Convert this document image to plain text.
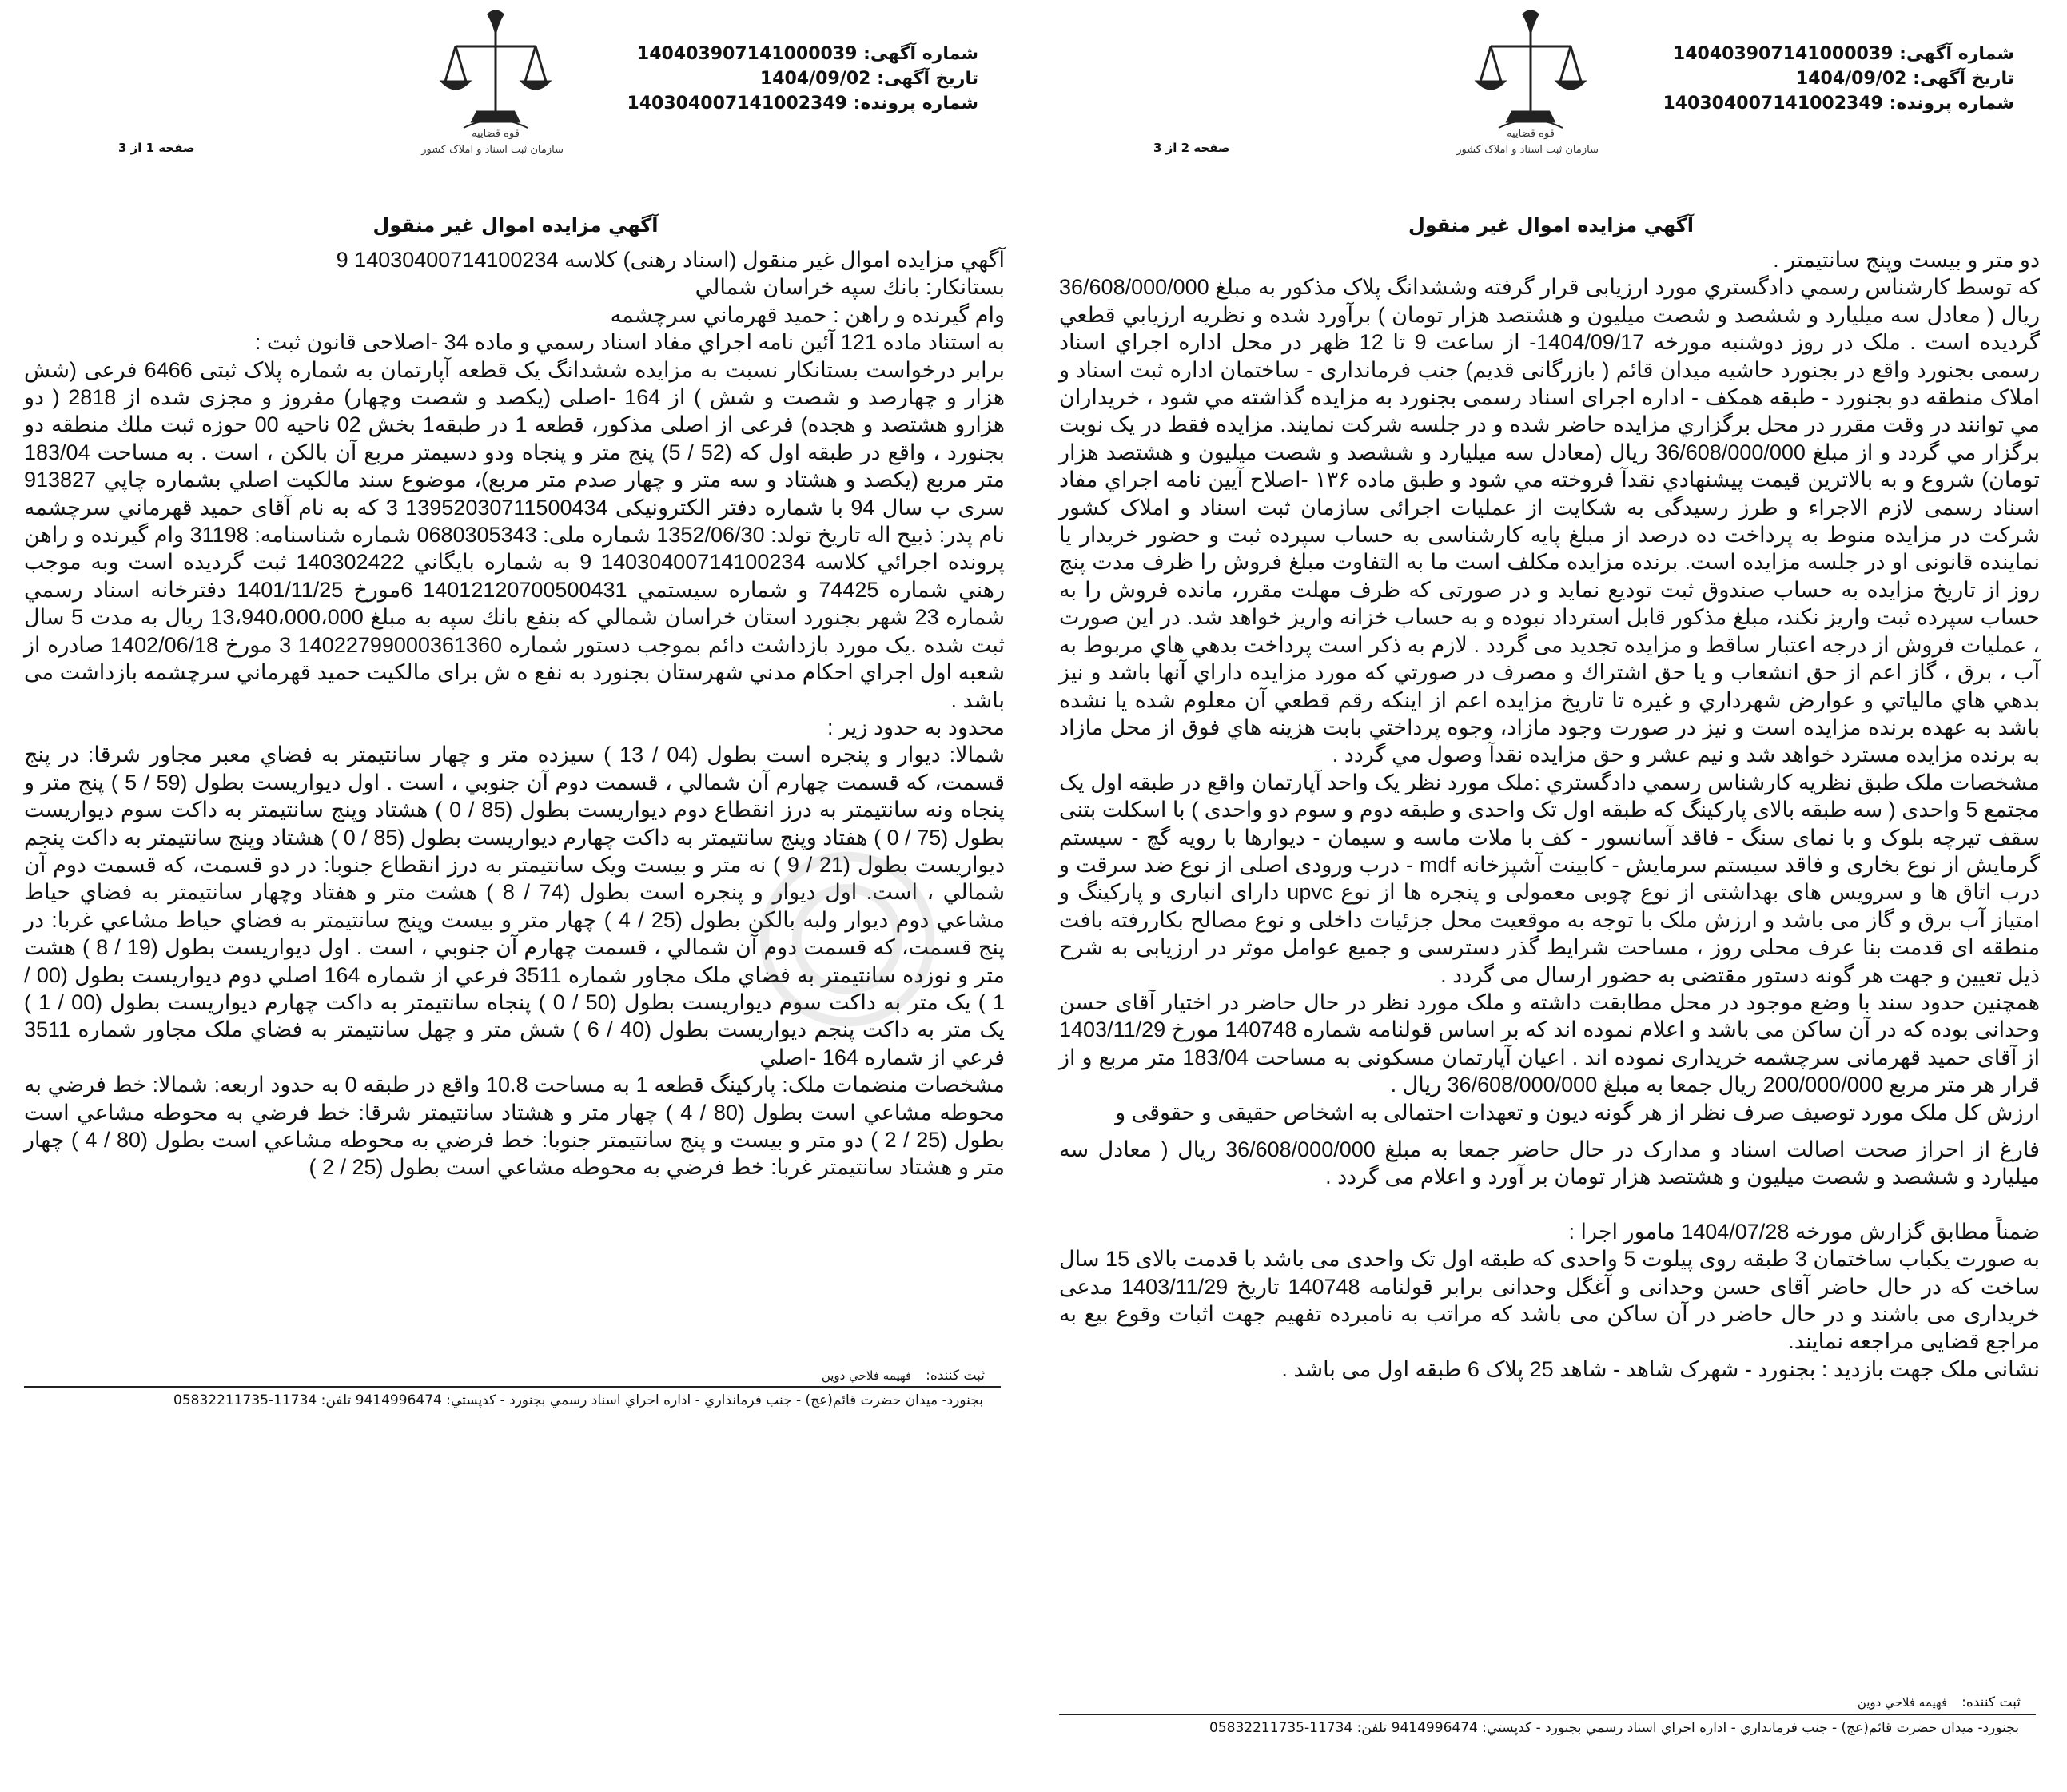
قوه قضاییه
سازمان ثبت اسناد و املاک کشور
شماره آگهی: 140403907141000039
تاریخ آگهی: 1404/09/02
شماره پرونده: 140304007141002349
صفحه 1 از 3
آگهي مزايده اموال غير منقول

آگهي مزايده اموال غير منقول (اسناد رهنی) کلاسه 14030400714100234 9

بستانکار: بانك سپه خراسان شمالي

وام گيرنده و راهن : حميد قهرماني سرچشمه

به استناد ماده 121 آئين نامه اجراي مفاد اسناد رسمي و ماده 34 -اصلاحی قانون ثبت :

برابر درخواست بستانکار نسبت به مزايده ششدانگ يک قطعه آپارتمان به شماره پلاک ثبتی 6466 فرعی (شش هزار و چهارصد و شصت و شش ) از 164 -اصلی (يکصد و شصت وچهار) مفروز و مجزی شده از 2818 ( دو هزارو هشتصد و هجده) فرعی از اصلی مذکور، قطعه 1 در طبقه1 بخش 02 ناحيه 00 حوزه ثبت ملك منطقه دو بجنورد ، واقع در طبقه اول که (52 / 5) پنج متر و پنجاه ودو دسيمتر مربع آن بالکن ، است . به مساحت 183/04 متر مربع (يکصد و هشتاد و سه متر و چهار صدم متر مربع)، موضوع سند مالکيت اصلي بشماره چاپي 913827 سری ب سال 94 با شماره دفتر الکترونيکی 13952030711500434 3 که به نام آقای حميد قهرماني سرچشمه نام پدر: ذبيح اله تاريخ تولد: 1352/06/30 شماره ملی: 0680305343 شماره شناسنامه: 31198 وام گيرنده و راهن پرونده اجرائي كلاسه 14030400714100234 9 به شماره بايگاني 140302422 ثبت گرديده است وبه موجب رهني شماره 74425 و شماره سيستمي 14012120700500431 6مورخ 1401/11/25 دفترخانه اسناد رسمي شماره 23 شهر بجنورد استان خراسان شمالي كه بنفع بانك سپه به مبلغ 13،940،000،000 ريال به مدت 5 سال ثبت شده .يک مورد بازداشت دائم بموجب دستور شماره 14022799000361360 3 مورخ 1402/06/18 صادره از شعبه اول اجراي احکام مدني شهرستان بجنورد به نفع ه ش برای مالکيت حميد قهرماني سرچشمه بازداشت می باشد .

محدود به حدود زير :

شمالا: ديوار و پنجره است بطول (04 / 13 ) سيزده متر و چهار سانتيمتر به فضاي معبر مجاور شرقا: در پنج قسمت، که قسمت چهارم آن شمالي ، قسمت دوم آن جنوبي ، است . اول ديواريست بطول (59 / 5 ) پنج متر و پنجاه ونه سانتيمتر به درز انقطاع دوم ديواريست بطول (85 / 0 ) هشتاد وپنج سانتيمتر به داکت سوم ديواريست بطول (75 / 0 ) هفتاد وپنج سانتيمتر به داکت چهارم ديواريست بطول (85 / 0 ) هشتاد وپنج سانتيمتر به داکت پنجم ديواريست بطول (21 / 9 ) نه متر و بيست ويک سانتيمتر به درز انقطاع جنوبا: در دو قسمت، که قسمت دوم آن شمالي ، است. اول ديوار و پنجره است بطول (74 / 8 ) هشت متر و هفتاد وچهار سانتيمتر به فضاي حياط مشاعي دوم ديوار ولبه بالکن بطول (25 / 4 ) چهار متر و بيست وپنج سانتيمتر به فضاي حياط مشاعي غربا: در پنج قسمت، که قسمت دوم آن شمالي ، قسمت چهارم آن جنوبي ، است . اول ديواريست بطول (19 / 8 ) هشت متر و نوزده سانتيمتر به فضاي ملک مجاور شماره 3511 فرعي از شماره 164 اصلي دوم ديواريست بطول (00 / 1 ) يک متر به داکت سوم ديواريست بطول (50 / 0 ) پنجاه سانتيمتر به داکت چهارم ديواريست بطول (00 / 1 ) يک متر به داکت پنجم ديواريست بطول (40 / 6 ) شش متر و چهل سانتيمتر به فضاي ملک مجاور شماره 3511 فرعي از شماره 164 -اصلي

مشخصات منضمات ملک: پارکينگ قطعه 1 به مساحت 10.8 واقع در طبقه 0 به حدود اربعه: شمالا: خط فرضي به محوطه مشاعي است بطول (80 / 4 ) چهار متر و هشتاد سانتيمتر شرقا: خط فرضي به محوطه مشاعي است بطول (25 / 2 ) دو متر و بيست و پنج سانتيمتر جنوبا: خط فرضي به محوطه مشاعي است بطول (80 / 4 ) چهار متر و هشتاد سانتيمتر غربا: خط فرضي به محوطه مشاعي است بطول (25 / 2 )

ثبت کننده:فهيمه فلاحي دوين
بجنورد- ميدان حضرت قائم(عج) - جنب فرمانداري - اداره اجراي اسناد رسمي بجنورد - کدپستي: 9414996474 تلفن: 11734-05832211735
قوه قضاییه
سازمان ثبت اسناد و املاک کشور
شماره آگهی: 140403907141000039
تاریخ آگهی: 1404/09/02
شماره پرونده: 140304007141002349
صفحه 2 از 3
آگهي مزايده اموال غير منقول

دو متر و بيست وپنج سانتيمتر .

كه توسط كارشناس رسمي دادگستري مورد ارزيابی قرار گرفته وششدانگ پلاک مذكور به مبلغ 36/608/000/000 ريال ( معادل سه ميليارد و ششصد و شصت ميليون و هشتصد هزار تومان ) برآورد شده و نظريه ارزيابي قطعي گرديده است . ملک در روز دوشنبه مورخه 1404/09/17- از ساعت 9 تا 12 ظهر در محل اداره اجراي اسناد رسمی بجنورد واقع در بجنورد حاشيه ميدان قائم ( بازرگانی قديم) جنب فرمانداری - ساختمان اداره ثبت اسناد و املاک منطقه دو بجنورد - طبقه همکف - اداره اجرای اسناد رسمی بجنورد به مزايده گذاشته مي شود ، خريداران مي توانند در وقت مقرر در محل برگزاري مزايده حاضر شده و در جلسه شرکت نمايند. مزايده فقط در يک نوبت برگزار مي گردد و از مبلغ 36/608/000/000 ريال (معادل سه ميليارد و ششصد و شصت ميليون و هشتصد هزار تومان) شروع و به بالاترين قيمت پيشنهادي نقدآ فروخته مي شود و طبق ماده ١٣۶ -اصلاح آيين نامه اجراي مفاد اسناد رسمی لازم الاجراء و طرز رسيدگی به شکايت از عمليات اجرائی سازمان ثبت اسناد و املاک کشور شرکت در مزايده منوط به پرداخت ده درصد از مبلغ پايه کارشناسی به حساب سپرده ثبت و حضور خريدار يا نماينده قانونی او در جلسه مزايده است. برنده مزايده مکلف است ما به التفاوت مبلغ فروش را ظرف مدت پنج روز از تاريخ مزايده به حساب صندوق ثبت توديع نمايد و در صورتی که ظرف مهلت مقرر، مانده فروش را به حساب سپرده ثبت واريز نکند، مبلغ مذکور قابل استرداد نبوده و به حساب خزانه واريز خواهد شد. در اين صورت ، عمليات فروش از درجه اعتبار ساقط و مزايده تجديد می گردد . لازم به ذکر است پرداخت بدهي هاي مربوط به آب ، برق ، گاز اعم از حق انشعاب و يا حق اشتراك و مصرف در صورتي كه مورد مزايده داراي آنها باشد و نيز بدهي هاي مالياتي و عوارض شهرداري و غيره تا تاريخ مزايده اعم از اينكه رقم قطعي آن معلوم شده يا نشده باشد به عهده برنده مزايده است و نيز در صورت وجود مازاد، وجوه پرداختي بابت هزينه هاي فوق از محل مازاد به برنده مزايده مسترد خواهد شد و نيم عشر و حق مزايده نقدآ وصول مي گردد .

مشخصات ملک طبق نظريه کارشناس رسمي دادگستري :ملک مورد نظر يک واحد آپارتمان واقع در طبقه اول يک مجتمع 5 واحدی ( سه طبقه بالای پارکينگ که طبقه اول تک واحدی و طبقه دوم و سوم دو واحدی ) با اسکلت بتنی سقف تيرچه بلوک و با نمای سنگ - فاقد آسانسور - کف با ملات ماسه و سيمان - ديوارها با رويه گچ - سيستم گرمايش از نوع بخاری و فاقد سيستم سرمايش - کابينت آشپزخانه mdf - درب ورودی اصلی از نوع ضد سرقت و درب اتاق ها و سرويس های بهداشتی از نوع چوبی معمولی و پنجره ها از نوع upvc دارای انباری و پارکينگ و امتياز آب برق و گاز می باشد و ارزش ملک با توجه به موقعيت محل جزئيات داخلی و نوع مصالح بکاررفته بافت منطقه ای قدمت بنا عرف محلی روز ، مساحت شرايط گذر دسترسی و جميع عوامل موثر در ارزيابی به شرح ذيل تعيين و جهت هر گونه دستور مقتضی به حضور ارسال می گردد .

همچنين حدود سند با وضع موجود در محل مطابقت داشته و ملک مورد نظر در حال حاضر در اختيار آقای حسن وحدانی بوده که در آن ساکن می باشد و اعلام نموده اند که بر اساس قولنامه شماره 140748 مورخ 1403/11/29 از آقای حميد قهرمانی سرچشمه خريداری نموده اند . اعيان آپارتمان مسکونی به مساحت 183/04 متر مربع و از قرار هر متر مربع 200/000/000 ريال جمعا به مبلغ 36/608/000/000 ريال .

ارزش کل ملک مورد توصيف صرف نظر از هر گونه ديون و تعهدات احتمالی به اشخاص حقيقی و حقوقی و

فارغ از احراز صحت اصالت اسناد و مدارک در حال حاضر جمعا به مبلغ 36/608/000/000 ريال ( معادل سه ميليارد و ششصد و شصت ميليون و هشتصد هزار تومان بر آورد و اعلام می گردد .

ضمناً مطابق گزارش مورخه 1404/07/28 مامور اجرا :

به صورت يکباب ساختمان 3 طبقه روی پيلوت 5 واحدی که طبقه اول تک واحدی می باشد با قدمت بالای 15 سال ساخت که در حال حاضر آقای حسن وحدانی و آغگل وحدانی برابر قولنامه 140748 تاريخ 1403/11/29 مدعی خريداری می باشند و در حال حاضر در آن ساکن می باشد که مراتب به نامبرده تفهيم جهت اثبات وقوع بيع به مراجع قضايی مراجعه نمايند.

نشانی ملک جهت بازديد : بجنورد - شهرک شاهد - شاهد 25 پلاک 6 طبقه اول می باشد .

ثبت کننده:فهيمه فلاحي دوين
بجنورد- ميدان حضرت قائم(عج) - جنب فرمانداري - اداره اجراي اسناد رسمي بجنورد - کدپستي: 9414996474 تلفن: 11734-05832211735
